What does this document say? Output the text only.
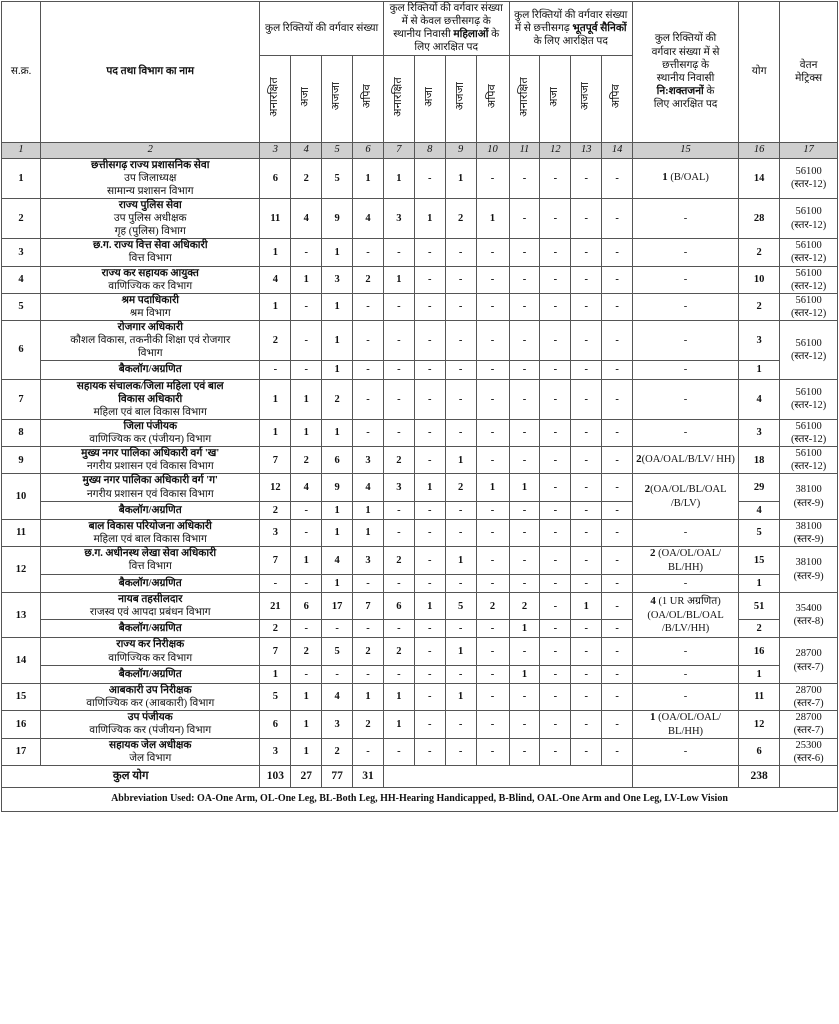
स.क्र.	पद तथा विभाग का नाम	कुल रिक्तियों की वर्गवार संख्या	कुल रिक्तियों की वर्गवार संख्या
में से केवल छत्तीसगढ़ के
स्थानीय निवासी महिलाओं के
लिए आरक्षित पद	कुल रिक्तियों की वर्गवार संख्या
में से छत्तीसगढ़ भूतपूर्व सैनिकों
के लिए आरक्षित पद	कुल रिक्तियों की
वर्गवार संख्या में से
छत्तीसगढ़ के
स्थानीय निवासी
नि:शक्तजनों के
लिए आरक्षित पद	योग	वेतन
मेट्रिक्स
		अनारक्षित	अजा	अजजा	अपिव	अनारक्षित	अजा	अजजा	अपिव	अनारक्षित	अजा	अजजा	अपिव			
1	2	3	4	5	6	7	8	9	10	11	12	13	14	15	16	17
1	छत्तीसगढ़ राज्य प्रशासनिक सेवा
उप जिलाध्यक्ष
सामान्य प्रशासन विभाग	6	2	5	1	1	-	1	-	-	-	-	-	1 (B/OAL)	14	56100
(स्तर-12)

2	राज्य पुलिस सेवा
उप पुलिस अधीक्षक
गृह (पुलिस) विभाग	11	4	9	4	3	1	2	1	-	-	-	-	-	28	56100
(स्तर-12)

3	छ.ग. राज्य वित्त सेवा अधिकारी
वित्त विभाग	1	-	1	-	-	-	-	-	-	-	-	-	-	2	56100
(स्तर-12)

4	राज्य कर सहायक आयुक्त
वाणिज्यिक कर विभाग	4	1	3	2	1	-	-	-	-	-	-	-	-	10	56100
(स्तर-12)

5	श्रम पदाधिकारी
श्रम विभाग	1	-	1	-	-	-	-	-	-	-	-	-	-	2	56100
(स्तर-12)

6	रोजगार अधिकारी
कौशल विकास, तकनीकी शिक्षा एवं रोजगार
विभाग	2	-	1	-	-	-	-	-	-	-	-	-	-	3	56100
(स्तर-12)

	बैकलॉग/अग्रणित	-	-	1	-	-	-	-	-	-	-	-	-	-	1	
7	सहायक संचालक/जिला महिला एवं बाल
विकास अधिकारी
महिला एवं बाल विकास विभाग	1	1	2	-	-	-	-	-	-	-	-	-	-	4	56100
(स्तर-12)

8	जिला पंजीयक
वाणिज्यिक कर (पंजीयन) विभाग	1	1	1	-	-	-	-	-	-	-	-	-	-	3	56100
(स्तर-12)

9	मुख्य नगर पालिका अधिकारी वर्ग 'ख'
नगरीय प्रशासन एवं विकास विभाग	7	2	6	3	2	-	1	-	-	-	-	-	2(OA/OAL/B/LV/ HH)	18	56100
(स्तर-12)

10	मुख्य नगर पालिका अधिकारी वर्ग 'ग'
नगरीय प्रशासन एवं विकास विभाग	12	4	9	4	3	1	2	1	1	-	-	-	2(OA/OL/BL/OAL /B/LV)	29	38100
(स्तर-9)

	बैकलॉग/अग्रणित	2	-	1	1	-	-	-	-	-	-	-	-		4	
11	बाल विकास परियोजना अधिकारी
महिला एवं बाल विकास विभाग	3	-	1	1	-	-	-	-	-	-	-	-	-	5	38100
(स्तर-9)

12	छ.ग. अधीनस्थ लेखा सेवा अधिकारी
वित्त विभाग	7	1	4	3	2	-	1	-	-	-	-	-	2 (OA/OL/OAL/ BL/HH)	15	38100
(स्तर-9)

	बैकलॉग/अग्रणित	-	-	1	-	-	-	-	-	-	-	-	-	-	1	
13	नायब तहसीलदार
राजस्व एवं आपदा प्रबंधन विभाग	21	6	17	7	6	1	5	2	2	-	1	-	4 (1 UR अग्रणित) (OA/OL/BL/OAL /B/LV/HH)	51	35400
(स्तर-8)

	बैकलॉग/अग्रणित	2	-	-	-	-	-	-	-	1	-	-	-		2	
14	राज्य कर निरीक्षक
वाणिज्यिक कर विभाग	7	2	5	2	2	-	1	-	-	-	-	-	-	16	28700
(स्तर-7)

	बैकलॉग/अग्रणित	1	-	-	-	-	-	-	-	1	-	-	-	-	1	
15	आबकारी उप निरीक्षक
वाणिज्यिक कर (आबकारी) विभाग	5	1	4	1	1	-	1	-	-	-	-	-	-	11	28700
(स्तर-7)

16	उप पंजीयक
वाणिज्यिक कर (पंजीयन) विभाग	6	1	3	2	1	-	-	-	-	-	-	-	1 (OA/OL/OAL/ BL/HH)	12	28700
(स्तर-7)

17	सहायक जेल अधीक्षक
जेल विभाग	3	1	2	-	-	-	-	-	-	-	-	-	-	6	25300
(स्तर-6)

कुल योग		103	27	77	31										238	
Abbreviation Used: OA-One Arm, OL-One Leg, BL-Both Leg, HH-Hearing Handicapped, B-Blind, OAL-One Arm and One Leg, LV-Low Vision																
